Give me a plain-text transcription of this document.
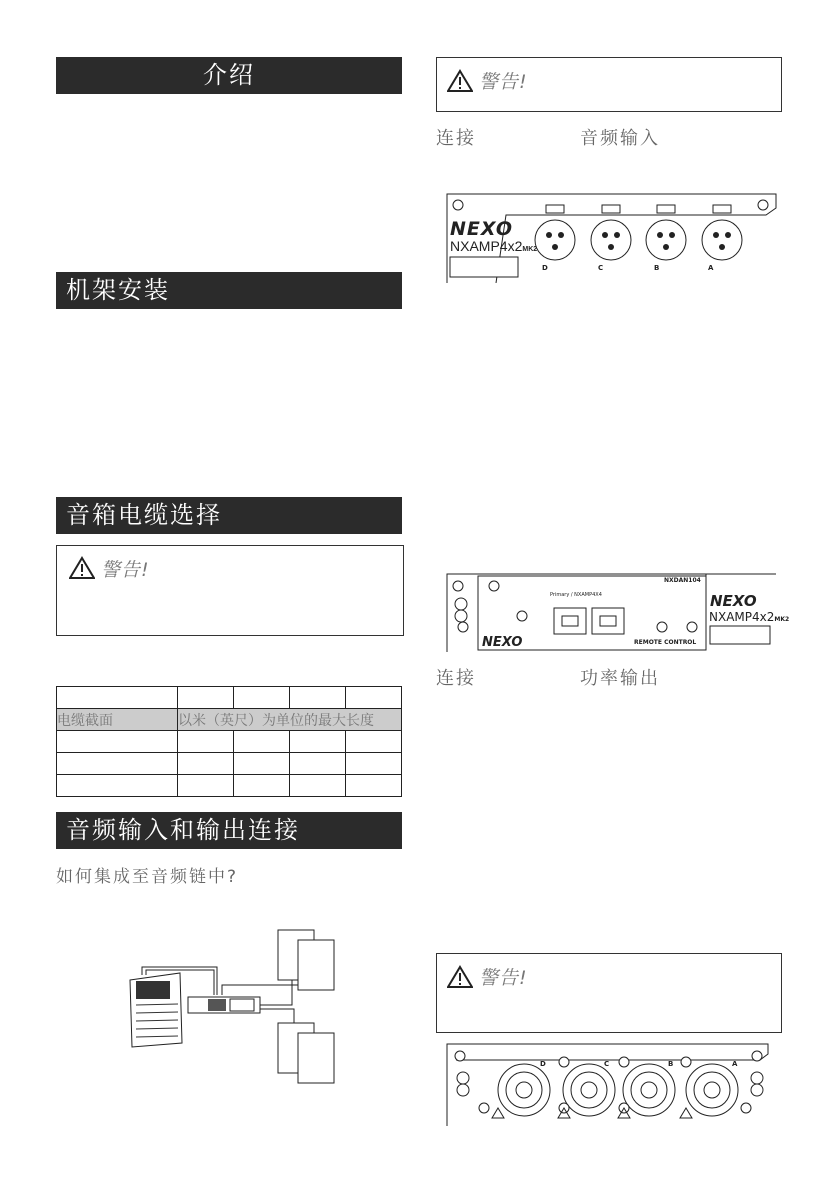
介绍
机架安装
音箱电缆选择
警告!

电缆截面	以米（英尺）为单位的最大长度			

音频输入和输出连接
如何集成至音频链中?
警告!
连接	音频输入
NEXO
NXAMP4x2MK2
D	C	B	A
NXDAN104
Primary / NXAMP4X4
NEXO	REMOTE CONTROL
NEXO
NXAMP4x2MK2
连接	功率输出
警告!
D	C	B	A
